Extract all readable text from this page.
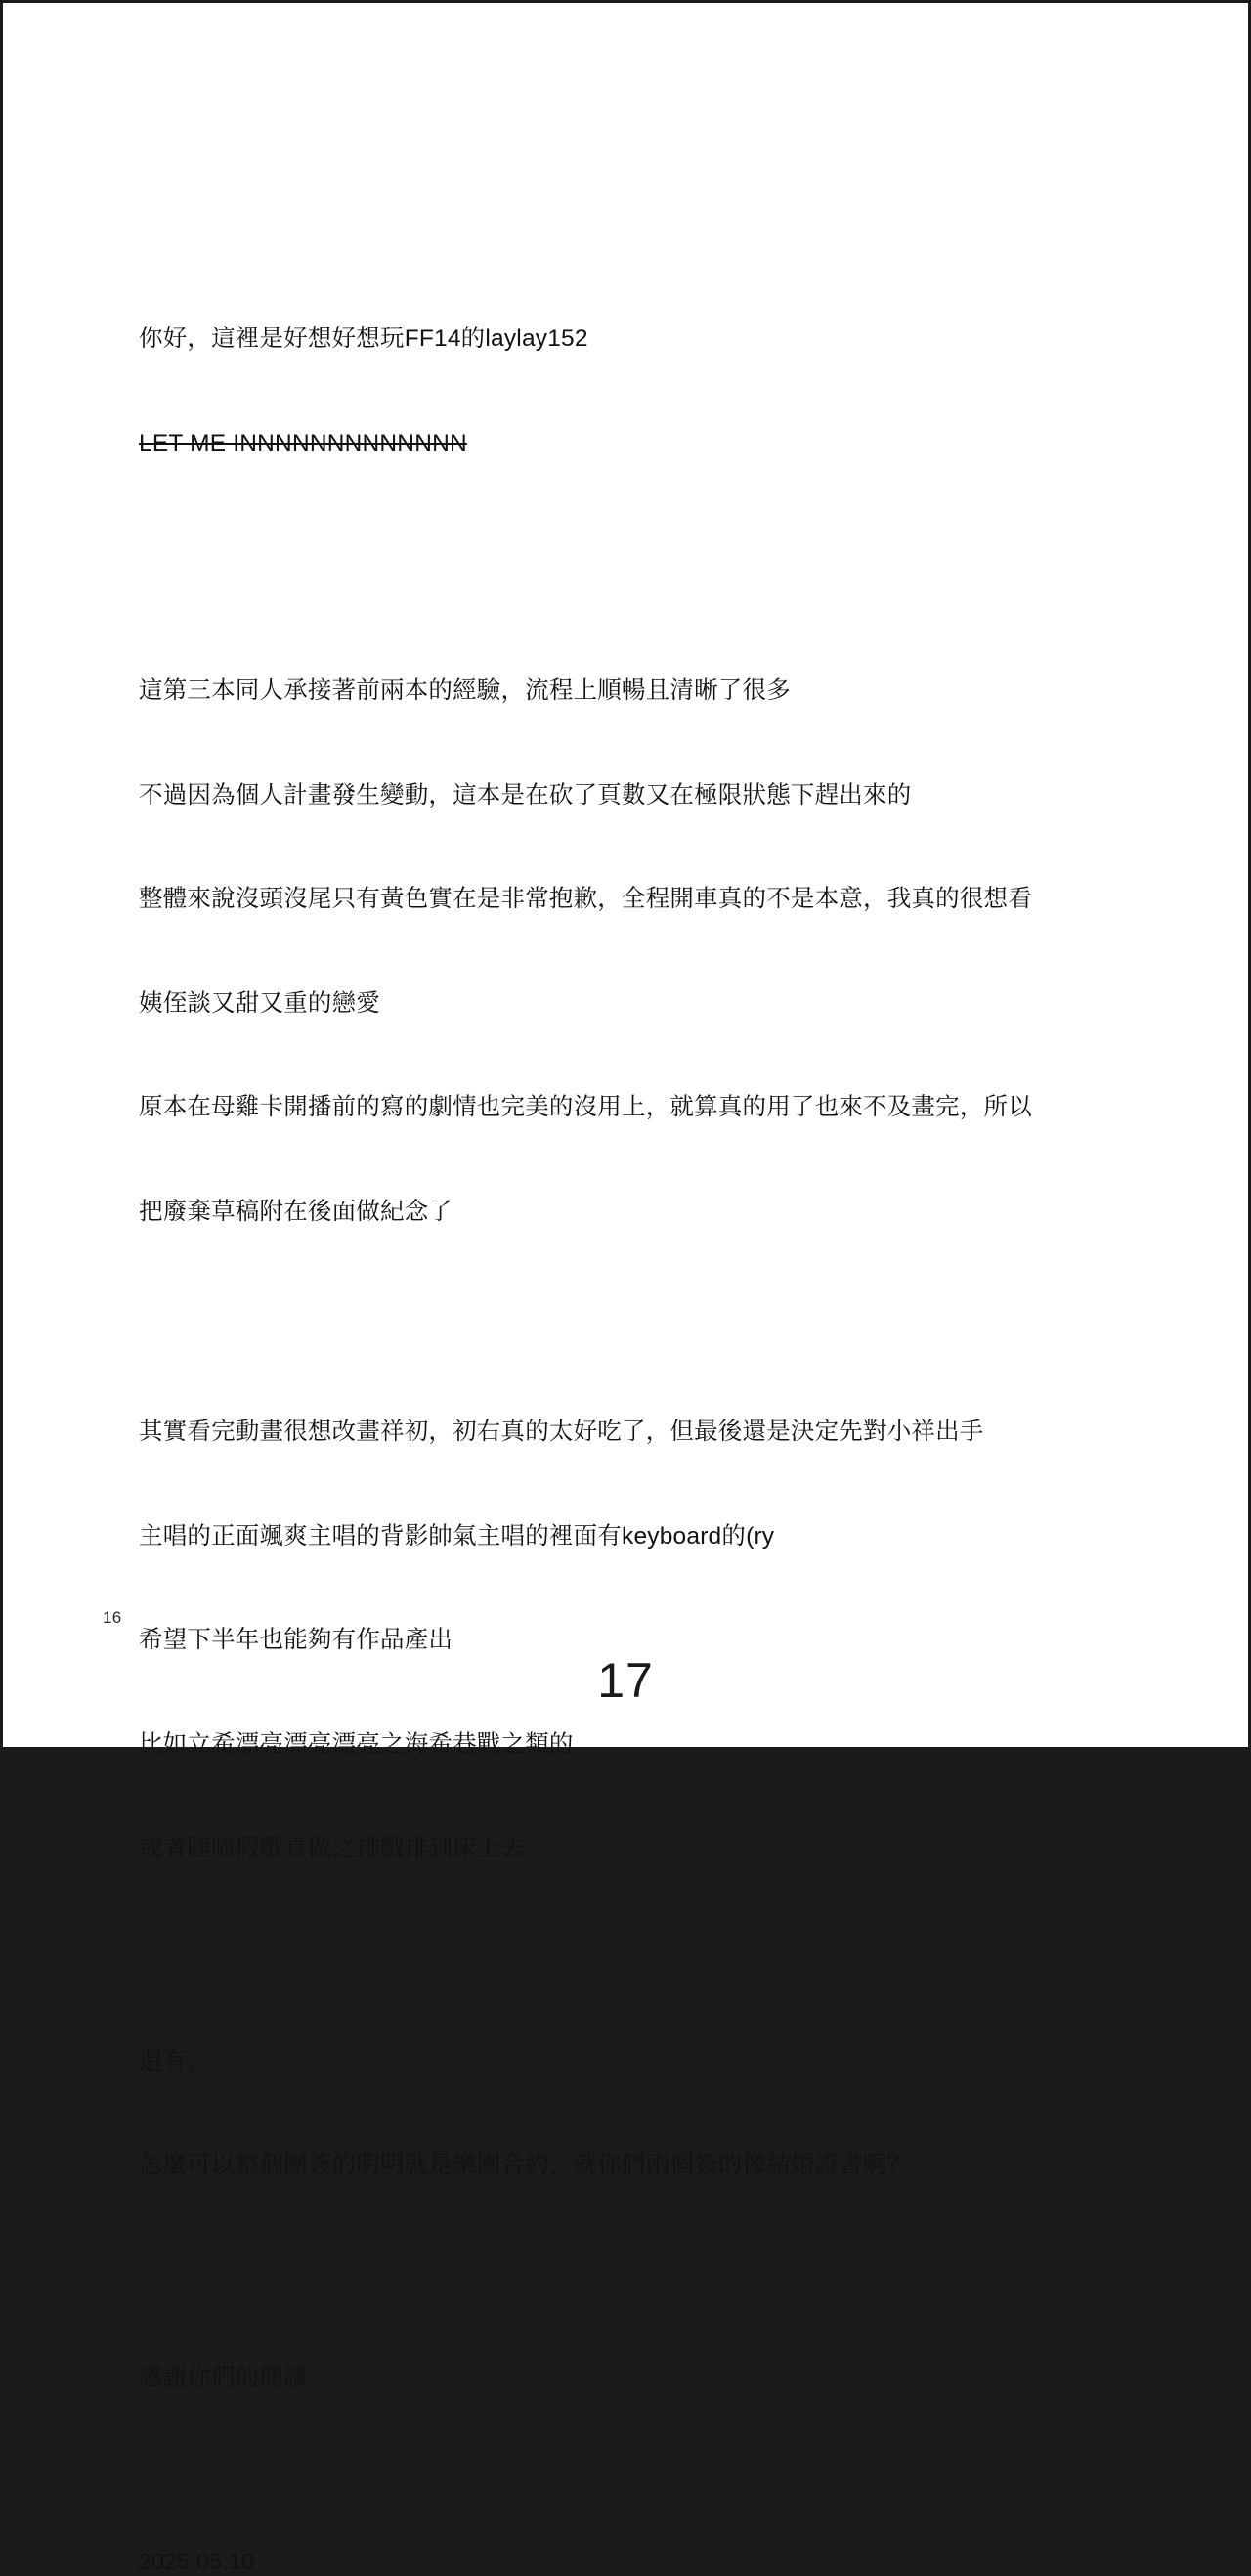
你好，這裡是好想好想玩FF14的laylay152

LET ME INNNNNNNNNNNNN

這第三本同人承接著前兩本的經驗，流程上順暢且清晰了很多

不過因為個人計畫發生變動，這本是在砍了頁數又在極限狀態下趕出來的

整體來說沒頭沒尾只有黃色實在是非常抱歉，全程開車真的不是本意，我真的很想看

姨侄談又甜又重的戀愛

原本在母雞卡開播前的寫的劇情也完美的沒用上，就算真的用了也來不及畫完，所以

把廢棄草稿附在後面做紀念了

其實看完動畫很想改畫祥初，初右真的太好吃了，但最後還是決定先對小祥出手

主唱的正面颯爽主唱的背影帥氣主唱的裡面有keyboard的(ry

希望下半年也能夠有作品產出

比如立希漂亮漂亮漂亮之海希巷戰之類的

或者睦喵假戲真做之排戲排到床上去

還有，

怎麼可以整個團簽的明明就是樂團合約，就你們兩個簽的像結婚證書啊？

感謝你們的閱讀

2025.05.10
16
17
